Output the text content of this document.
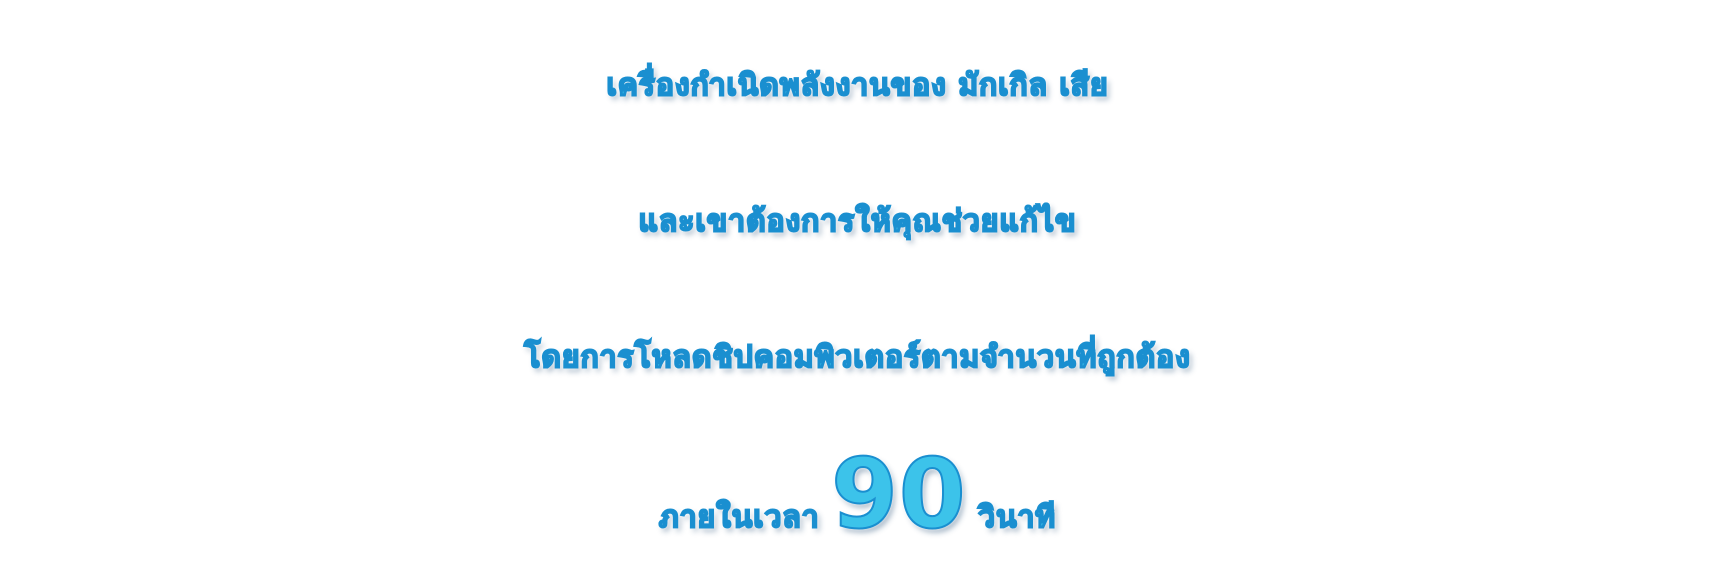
เครื่องกำเนิดพลังงานของ มักเกิล เสีย
และเขาต้องการให้คุณช่วยแก้ไข
โดยการโหลดชิปคอมพิวเตอร์ตามจำนวนที่ถูกต้อง
ภายในเวลา 90 วินาที
